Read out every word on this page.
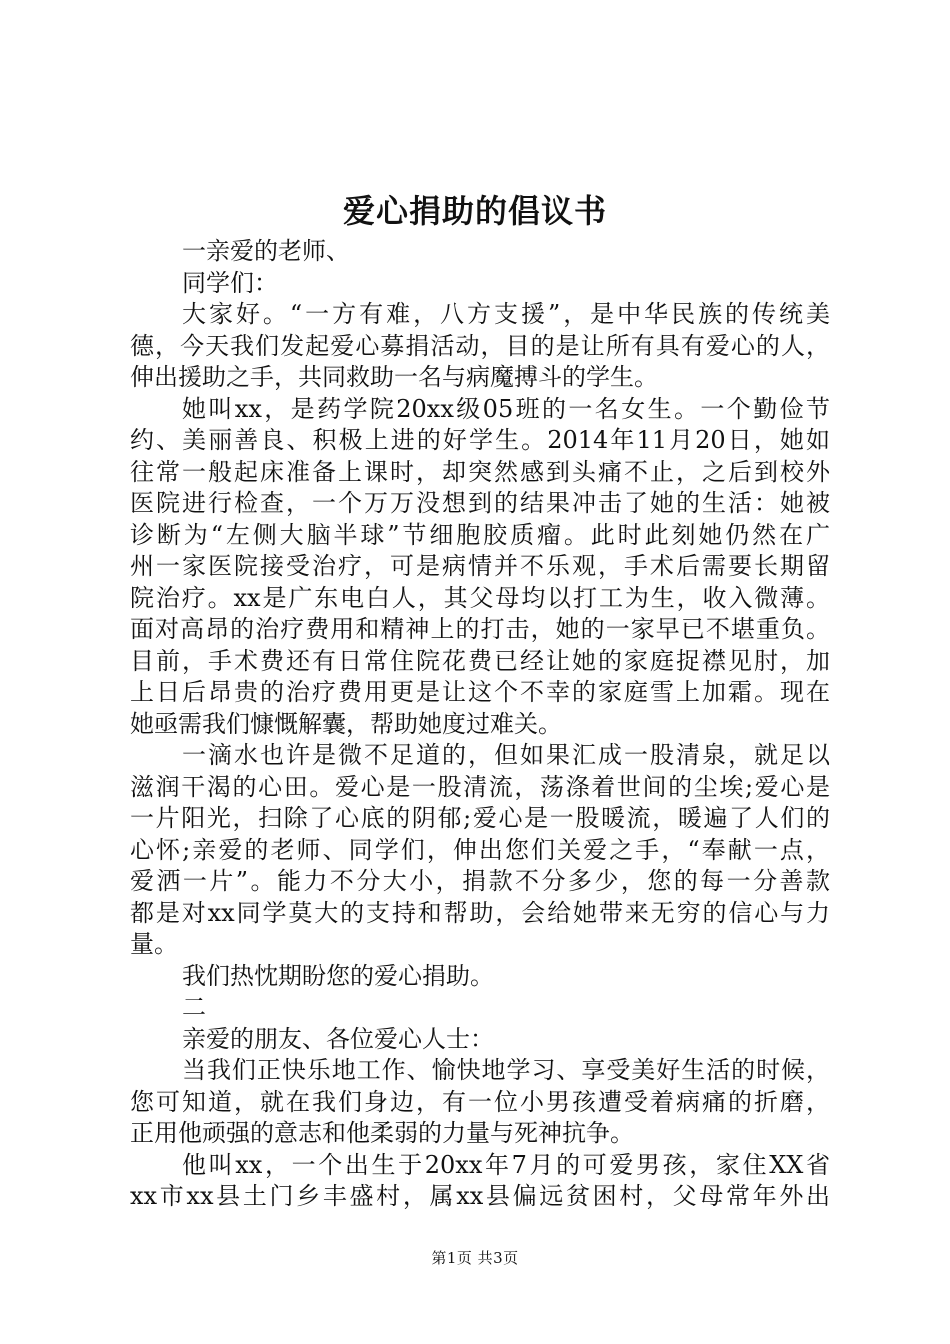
爱心捐助的倡议书
一亲爱的老师、
同学们：
大家好。“一方有难，八方支援”，是中华民族的传统美
德，今天我们发起爱心募捐活动，目的是让所有具有爱心的人，
伸出援助之手，共同救助一名与病魔搏斗的学生。
她叫xx，是药学院20xx级05班的一名女生。一个勤俭节
约、美丽善良、积极上进的好学生。2014年11月20日，她如
往常一般起床准备上课时，却突然感到头痛不止，之后到校外
医院进行检查，一个万万没想到的结果冲击了她的生活：她被
诊断为“左侧大脑半球”节细胞胶质瘤。此时此刻她仍然在广
州一家医院接受治疗，可是病情并不乐观，手术后需要长期留
院治疗。xx是广东电白人，其父母均以打工为生，收入微薄。
面对高昂的治疗费用和精神上的打击，她的一家早已不堪重负。
目前，手术费还有日常住院花费已经让她的家庭捉襟见肘，加
上日后昂贵的治疗费用更是让这个不幸的家庭雪上加霜。现在
她亟需我们慷慨解囊，帮助她度过难关。
一滴水也许是微不足道的，但如果汇成一股清泉，就足以
滋润干渴的心田。爱心是一股清流，荡涤着世间的尘埃;爱心是
一片阳光，扫除了心底的阴郁;爱心是一股暖流，暖遍了人们的
心怀;亲爱的老师、同学们，伸出您们关爱之手，“奉献一点，
爱洒一片”。能力不分大小，捐款不分多少，您的每一分善款
都是对xx同学莫大的支持和帮助，会给她带来无穷的信心与力
量。
我们热忱期盼您的爱心捐助。
二
亲爱的朋友、各位爱心人士：
当我们正快乐地工作、愉快地学习、享受美好生活的时候，
您可知道，就在我们身边，有一位小男孩遭受着病痛的折磨，
正用他顽强的意志和他柔弱的力量与死神抗争。
他叫xx，一个出生于20xx年7月的可爱男孩，家住XX省
xx市xx县土门乡丰盛村，属xx县偏远贫困村，父母常年外出
第1页 共3页
